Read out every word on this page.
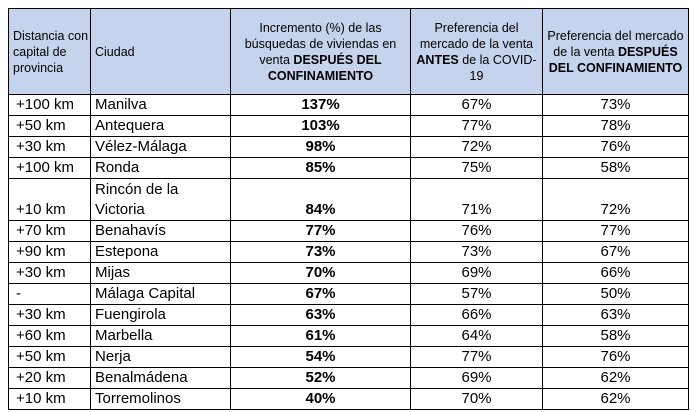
Distancia con capital de provincia	Ciudad	Incremento (%) de las búsquedas de viviendas en venta DESPUÉS DEL CONFINAMIENTO	Preferencia del mercado de la venta ANTES de la COVID-19	Preferencia del mercado de la venta DESPUÉS DEL CONFINAMIENTO
+100 km	Manilva	137%	67%	73%
+50 km	Antequera	103%	77%	78%
+30 km	Vélez-Málaga	98%	72%	76%
+100 km	Ronda	85%	75%	58%
+10 km	Rincón de la Victoria	84%	71%	72%
+70 km	Benahavís	77%	76%	77%
+90 km	Estepona	73%	73%	67%
+30 km	Mijas	70%	69%	66%
-	Málaga Capital	67%	57%	50%
+30 km	Fuengirola	63%	66%	63%
+60 km	Marbella	61%	64%	58%
+50 km	Nerja	54%	77%	76%
+20 km	Benalmádena	52%	69%	62%
+10 km	Torremolinos	40%	70%	62%
